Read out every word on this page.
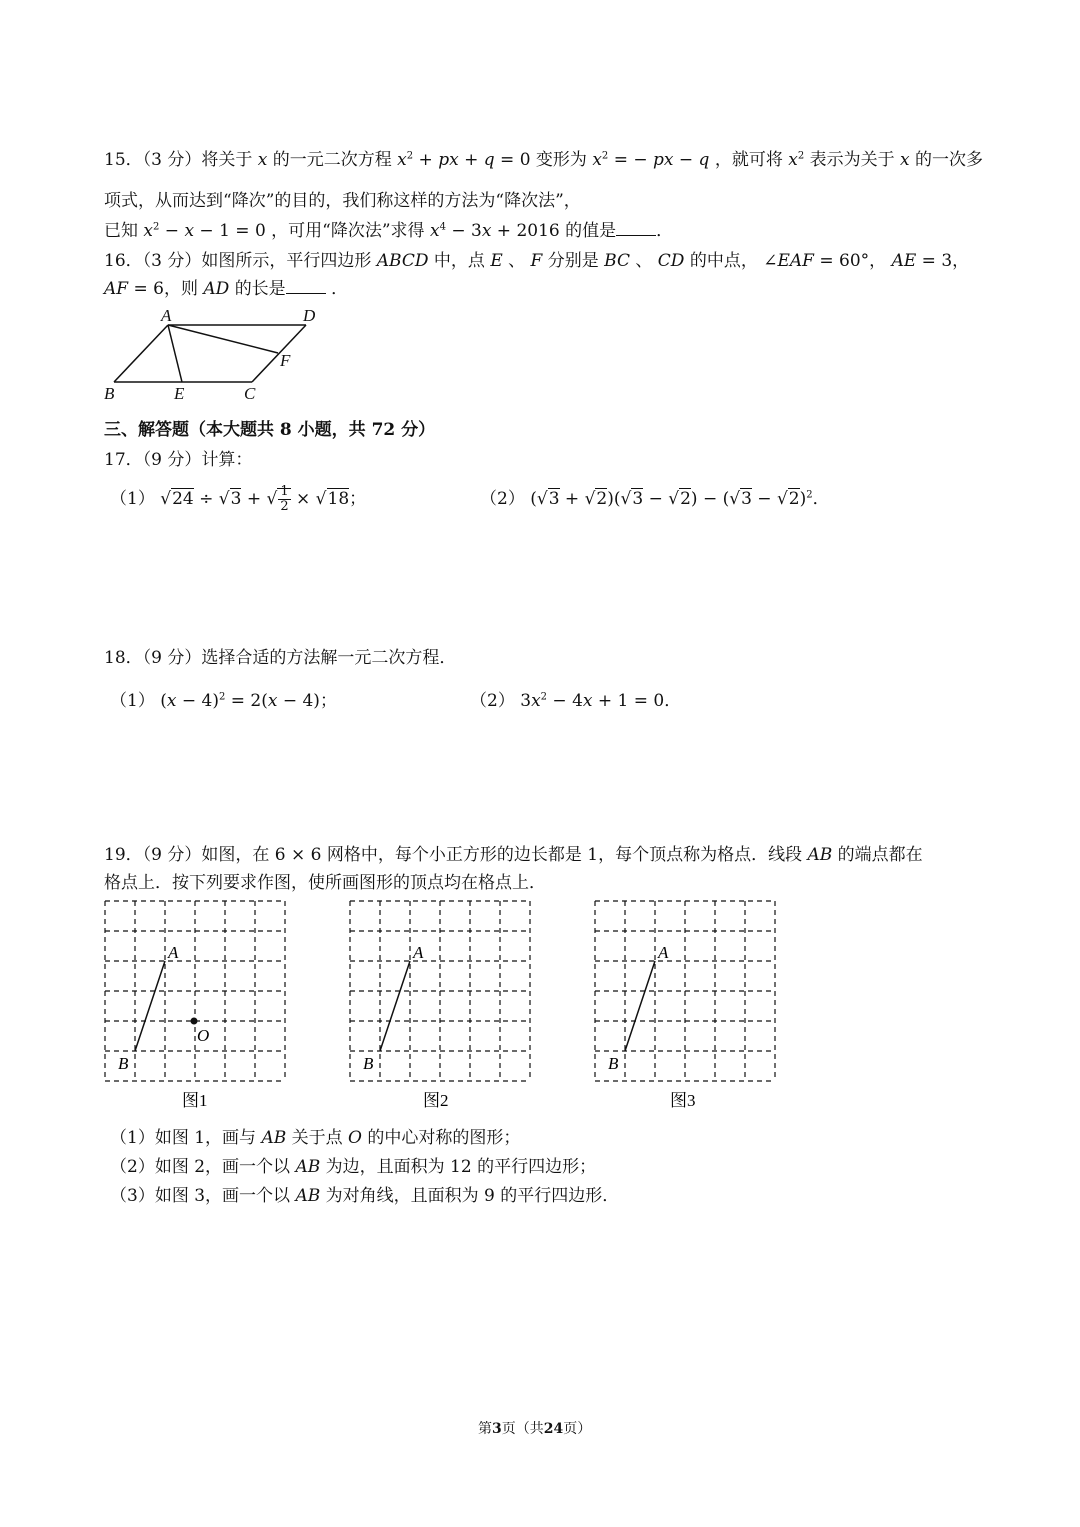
15．（3 分）将关于 x 的一元二次方程 $x^2$ + px + q = 0 变形为 $x^2$ = − px − q ，就可将 $x^2$ 表示为关于 x 的一次多
项式，从而达到“降次”的目的，我们称这样的方法为“降次法”，
已知 $x^2 - x - 1 = 0$ ，可用“降次法”求得 $x^4 - 3x + 2016$ 的值是 ．
16．（3 分）如图所示，平行四边形 ABCD 中，点 E 、 F 分别是 BC 、 CD 的中点， ∠EAF = 60°， AE = 3，
AF = 6，则 AD 的长是	．
A	D
F
B	E	C
三、解答题（本大题共 8 小题，共 72 分）
17．（9 分）计算：
（1） √24 ÷ √3 + √ $\frac{1}{2} \times √18$；	（2） $(√3 + √2)(√3 - √2) - (√3 - √2)^2$．
18．（9 分）选择合适的方法解一元二次方程．
（1） $(x - 4)^2 = 2(x - 4)$；	（2） $3x^2 - 4x + 1 = 0$．
19．（9 分）如图，在 6 × 6 网格中，每个小正方形的边长都是 1，每个顶点称为格点．线段 AB 的端点都在
格点上．按下列要求作图，使所画图形的顶点均在格点上．
A
B
O
图1
A
B
图2
A
B
图3
（1）如图 1，画与 AB 关于点 O 的中心对称的图形；
（2）如图 2，画一个以 AB 为边，且面积为 12 的平行四边形；
（3）如图 3，画一个以 AB 为对角线，且面积为 9 的平行四边形．
第3页（共24页）
